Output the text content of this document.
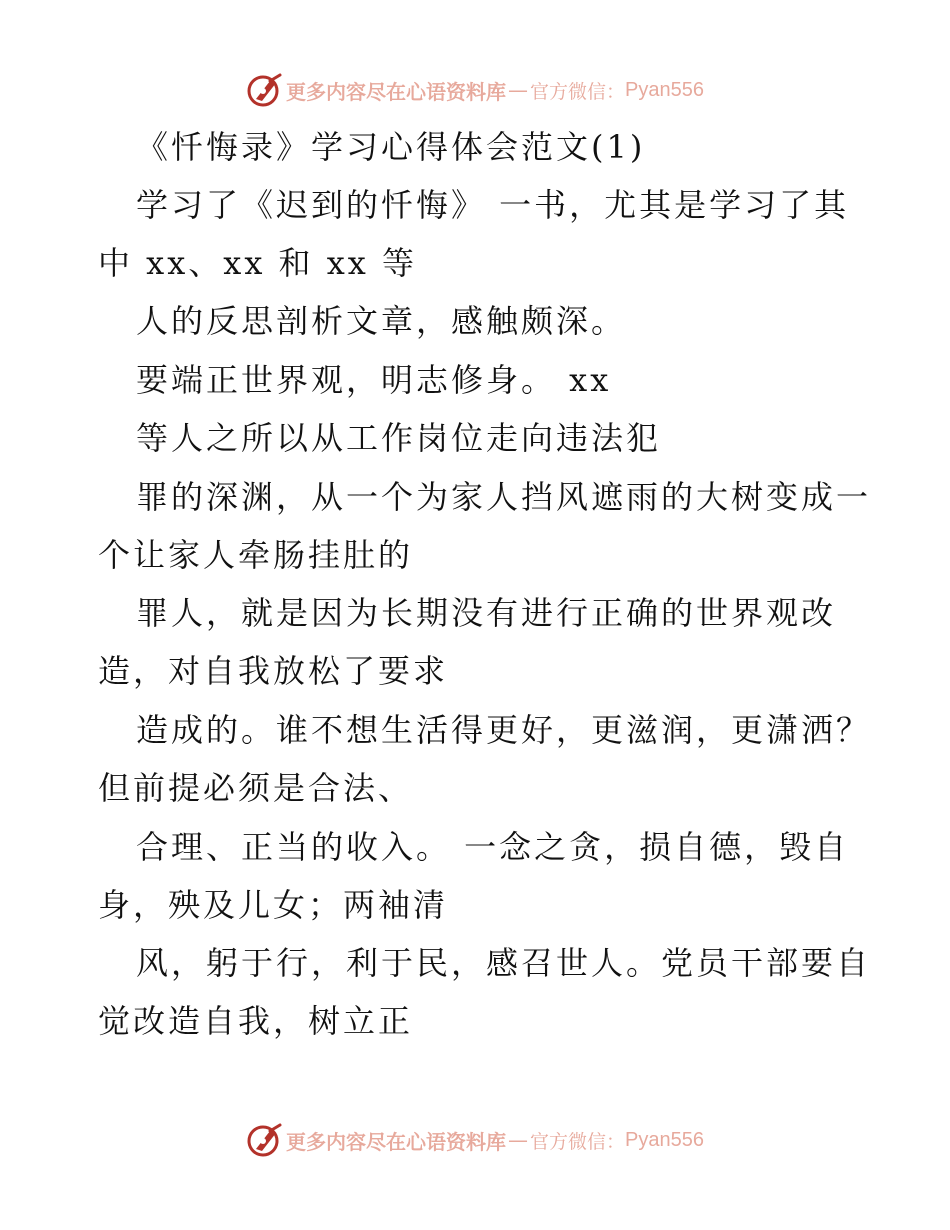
更多内容尽在心语资料库 — 官方微信： Pyan556
《忏悔录》学习心得体会范文(1)
学习了《迟到的忏悔》 一书，尤其是学习了其
中 xx、xx 和 xx 等
人的反思剖析文章，感触颇深。
要端正世界观，明志修身。 xx
等人之所以从工作岗位走向违法犯
罪的深渊，从一个为家人挡风遮雨的大树变成一
个让家人牵肠挂肚的
罪人，就是因为长期没有进行正确的世界观改
造，对自我放松了要求
造成的。谁不想生活得更好，更滋润，更潇洒？
但前提必须是合法、
合理、正当的收入。 一念之贪，损自德，毁自
身，殃及儿女；两袖清
风，躬于行，利于民，感召世人。党员干部要自
觉改造自我，树立正
更多内容尽在心语资料库 — 官方微信： Pyan556
